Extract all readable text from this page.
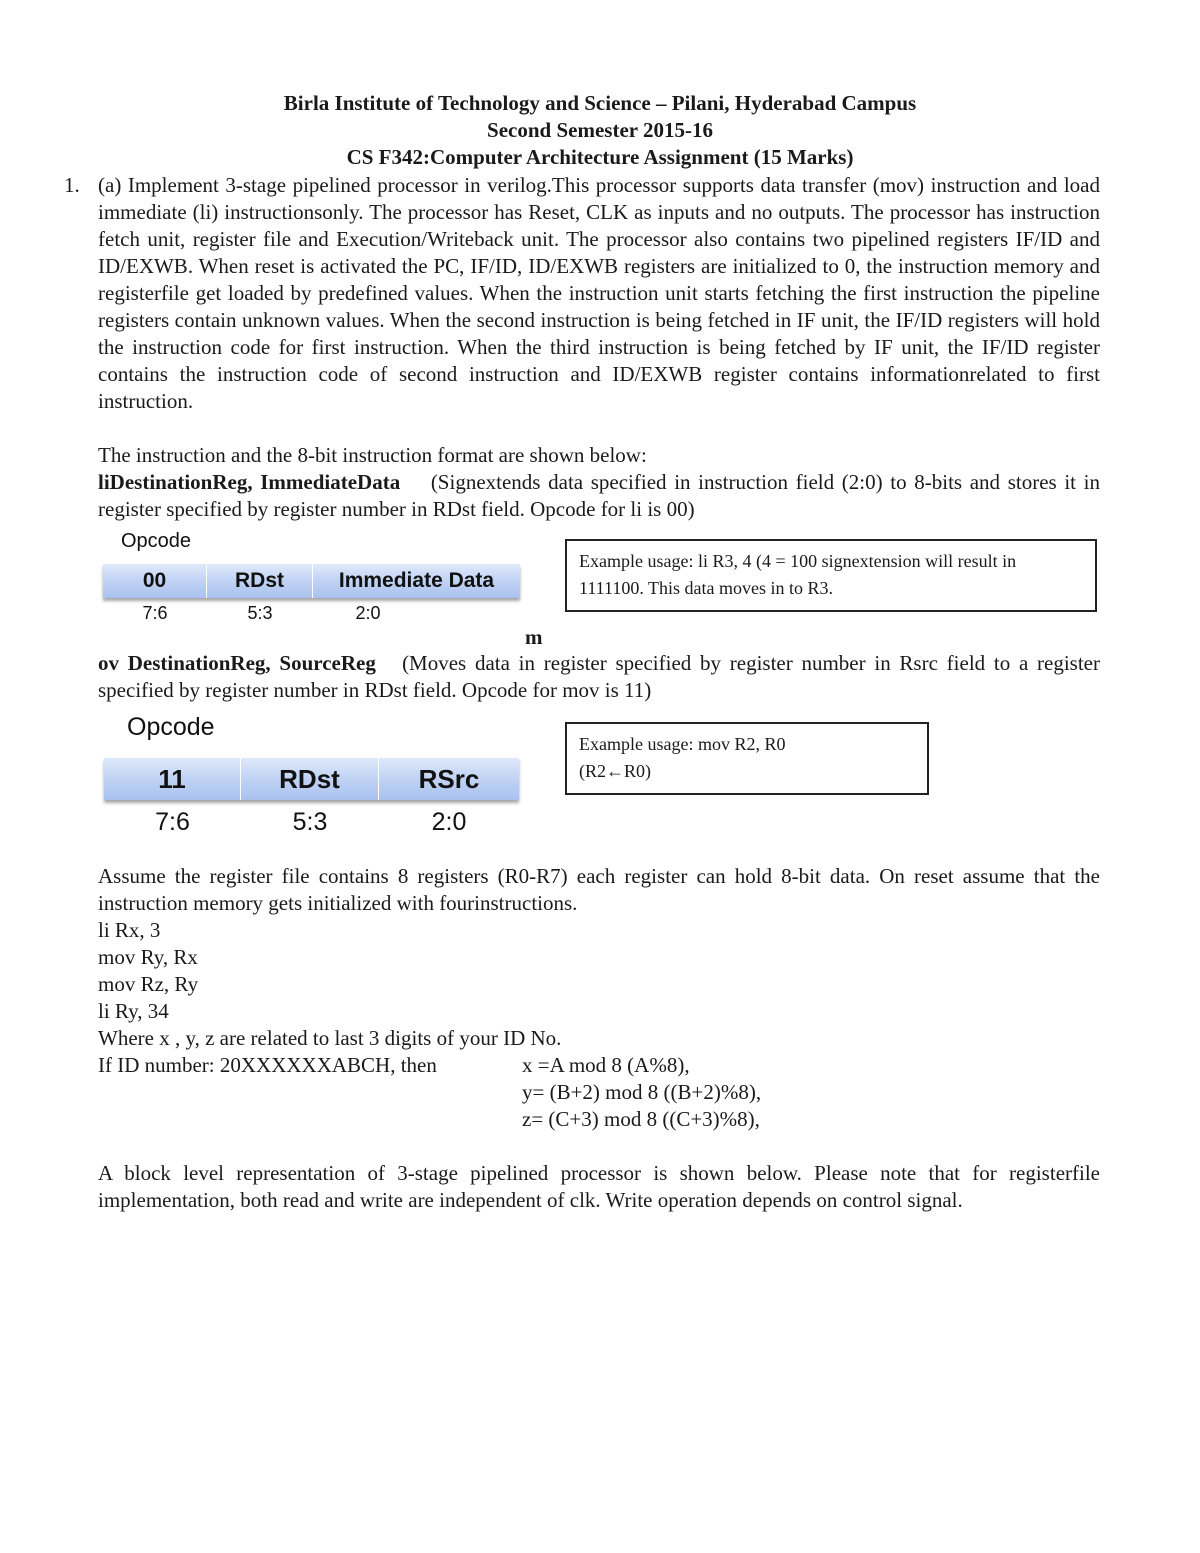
Birla Institute of Technology and Science – Pilani, Hyderabad Campus
Second Semester 2015-16
CS F342:Computer Architecture Assignment (15 Marks)
1. (a) Implement 3-stage pipelined processor in verilog.This processor supports data transfer (mov) instruction and load immediate (li) instructionsonly. The processor has Reset, CLK as inputs and no outputs. The processor has instruction fetch unit, register file and Execution/Writeback unit. The processor also contains two pipelined registers IF/ID and ID/EXWB. When reset is activated the PC, IF/ID, ID/EXWB registers are initialized to 0, the instruction memory and registerfile get loaded by predefined values. When the instruction unit starts fetching the first instruction the pipeline registers contain unknown values. When the second instruction is being fetched in IF unit, the IF/ID registers will hold the instruction code for first instruction. When the third instruction is being fetched by IF unit, the IF/ID register contains the instruction code of second instruction and ID/EXWB register contains informationrelated to first instruction.
The instruction and the 8-bit instruction format are shown below:
liDestinationReg, ImmediateData (Signextends data specified in instruction field (2:0) to 8-bits and stores it in register specified by register number in RDst field. Opcode for li is 00)
Opcode
00	RDst	Immediate Data
7:6	5:3	2:0
Example usage: li R3, 4 (4 = 100 signextension will result in 1111100. This data moves in to R3.
m
ov DestinationReg, SourceReg (Moves data in register specified by register number in Rsrc field to a register specified by register number in RDst field. Opcode for mov is 11)
Opcode
11	RDst	RSrc
7:6	5:3	2:0
Example usage: mov R2, R0
(R2←R0)
Assume the register file contains 8 registers (R0-R7) each register can hold 8-bit data. On reset assume that the instruction memory gets initialized with fourinstructions.
li Rx, 3
mov Ry, Rx
mov Rz, Ry
li Ry, 34
Where x , y, z are related to last 3 digits of your ID No.
If ID number: 20XXXXXXABCH, then	x =A mod 8 (A%8),
y= (B+2) mod 8 ((B+2)%8),
z= (C+3) mod 8 ((C+3)%8),
A block level representation of 3-stage pipelined processor is shown below. Please note that for registerfile implementation, both read and write are independent of clk. Write operation depends on control signal.
